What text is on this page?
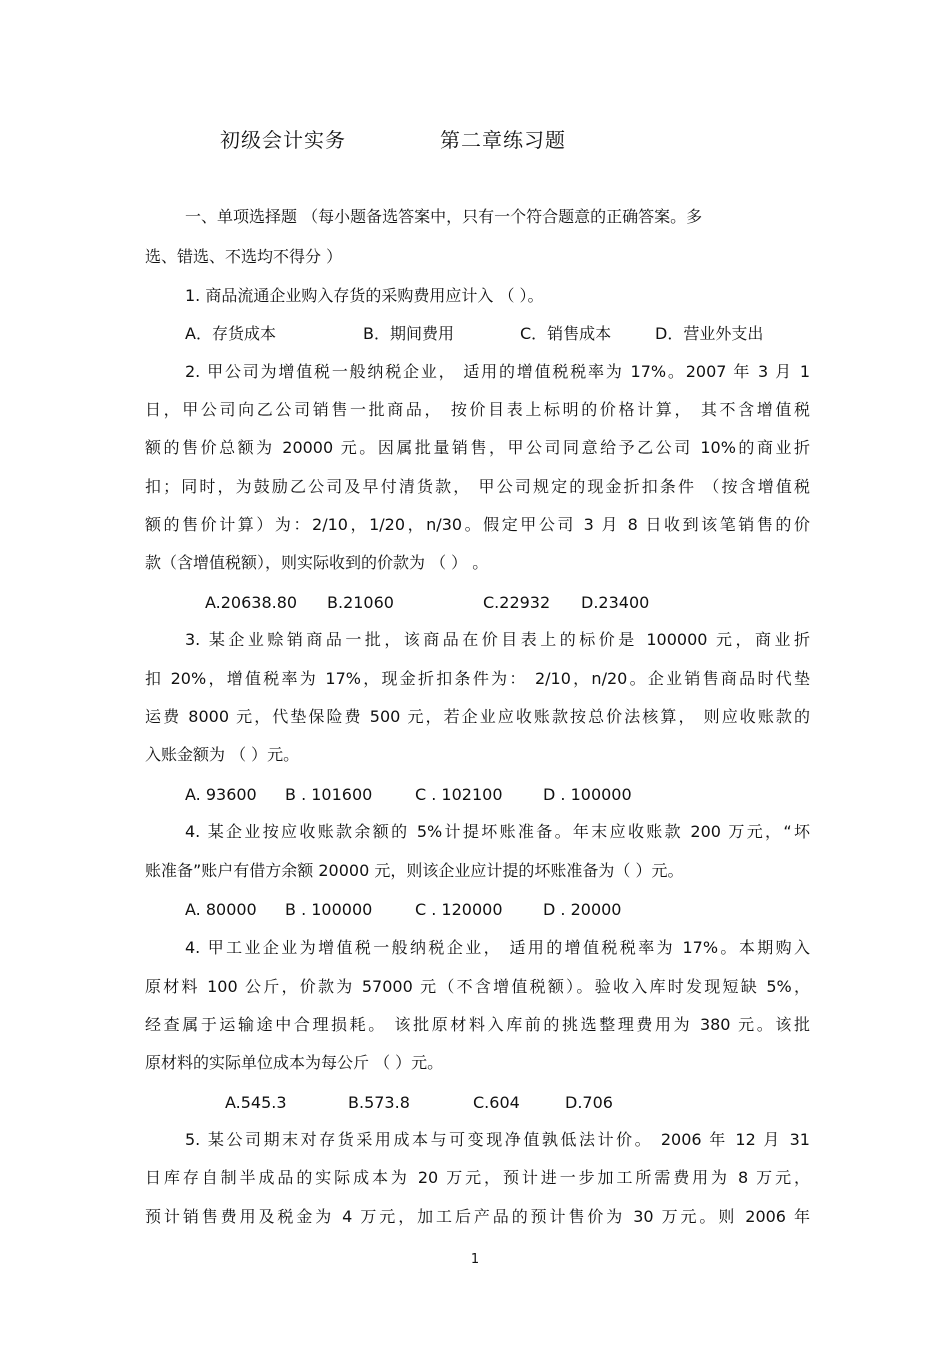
初级会计实务	第二章练习题
一、单项选择题 （每小题备选答案中，只有一个符合题意的正确答案。多
选、错选、不选均不得分 ）
1. 商品流通企业购入存货的采购费用应计入 （ ）。
A．存货成本	B．期间费用	C．销售成本	D．营业外支出
2. 甲公司为增值税一般纳税企业， 适用的增值税税率为 17%。2007 年 3 月 1
日，甲公司向乙公司销售一批商品， 按价目表上标明的价格计算， 其不含增值税
额的售价总额为 20000 元。因属批量销售，甲公司同意给予乙公司 10%的商业折
扣；同时，为鼓励乙公司及早付清货款， 甲公司规定的现金折扣条件 （按含增值税
额的售价计算）为：2/10，1/20，n/30。假定甲公司 3 月 8 日收到该笔销售的价
款（含增值税额），则实际收到的价款为 （ ） 。
A.20638.80 B.21060	C.22932 D.23400
3. 某企业赊销商品一批，该商品在价目表上的标价是 100000 元，商业折
扣 20%，增值税率为 17%，现金折扣条件为： 2/10，n/20。企业销售商品时代垫
运费 8000 元，代垫保险费 500 元，若企业应收账款按总价法核算， 则应收账款的
入账金额为 （ ）元。
A. 93600 B . 101600	C . 102100	D . 100000
4. 某企业按应收账款余额的 5%计提坏账准备。年末应收账款 200 万元，“坏
账准备”账户有借方余额 20000 元，则该企业应计提的坏账准备为（ ）元。
A. 80000 B . 100000	C . 120000	D . 20000
4. 甲工业企业为增值税一般纳税企业， 适用的增值税税率为 17%。本期购入
原材料 100 公斤，价款为 57000 元（不含增值税额）。验收入库时发现短缺 5%，
经查属于运输途中合理损耗。 该批原材料入库前的挑选整理费用为 380 元。该批
原材料的实际单位成本为每公斤 （ ）元。
A.545.3	B.573.8	C.604	D.706
5. 某公司期末对存货采用成本与可变现净值孰低法计价。 2006 年 12 月 31
日库存自制半成品的实际成本为 20 万元，预计进一步加工所需费用为 8 万元，
预计销售费用及税金为 4 万元，加工后产品的预计售价为 30 万元。则 2006 年
1
